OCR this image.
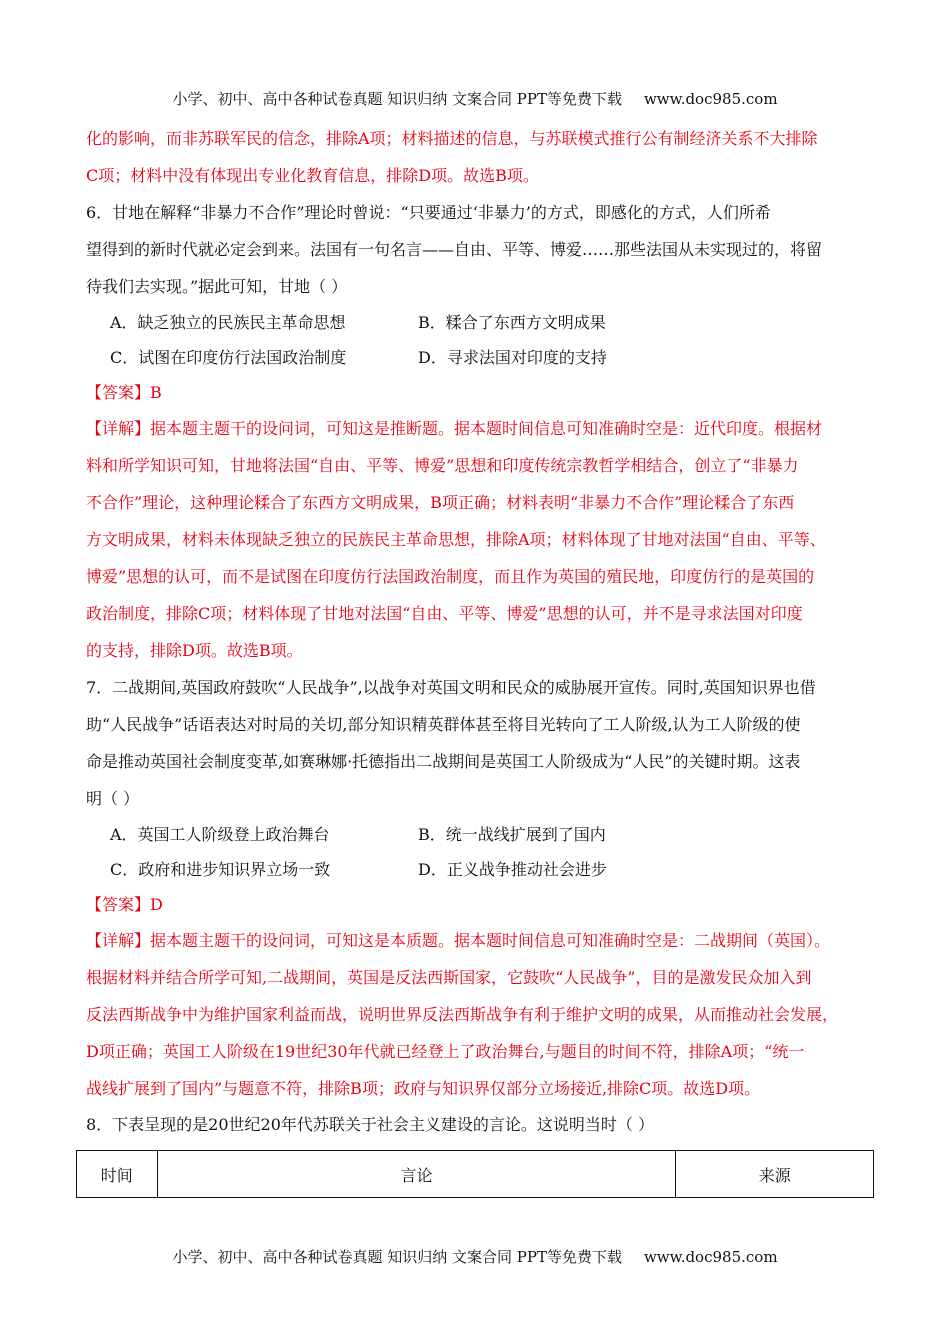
小学、初中、高中各种试卷真题 知识归纳 文案合同 PPT等免费下载 www.doc985.com
化的影响，而非苏联军民的信念，排除A项；材料描述的信息，与苏联模式推行公有制经济关系不大排除
C项；材料中没有体现出专业化教育信息，排除D项。故选B项。
6．甘地在解释“非暴力不合作”理论时曾说：“只要通过‘非暴力’的方式，即感化的方式，人们所希
望得到的新时代就必定会到来。法国有一句名言——自由、平等、博爱……那些法国从未实现过的，将留
待我们去实现。”据此可知，甘地（ ）
A．缺乏独立的民族民主革命思想	B．糅合了东西方文明成果
C．试图在印度仿行法国政治制度	D．寻求法国对印度的支持
【答案】B
【详解】据本题主题干的设问词，可知这是推断题。据本题时间信息可知准确时空是：近代印度。根据材
料和所学知识可知，甘地将法国“自由、平等、博爱”思想和印度传统宗教哲学相结合，创立了“非暴力
不合作”理论，这种理论糅合了东西方文明成果，B项正确；材料表明“非暴力不合作”理论糅合了东西
方文明成果，材料未体现缺乏独立的民族民主革命思想，排除A项；材料体现了甘地对法国“自由、平等、
博爱”思想的认可，而不是试图在印度仿行法国政治制度，而且作为英国的殖民地，印度仿行的是英国的
政治制度，排除C项；材料体现了甘地对法国“自由、平等、博爱”思想的认可，并不是寻求法国对印度
的支持，排除D项。故选B项。
7．二战期间,英国政府鼓吹“人民战争”,以战争对英国文明和民众的威胁展开宣传。同时,英国知识界也借
助“人民战争”话语表达对时局的关切,部分知识精英群体甚至将目光转向了工人阶级,认为工人阶级的使
命是推动英国社会制度变革,如赛琳娜·托德指出二战期间是英国工人阶级成为“人民”的关键时期。这表
明（ ）
A．英国工人阶级登上政治舞台	B．统一战线扩展到了国内
C．政府和进步知识界立场一致	D．正义战争推动社会进步
【答案】D
【详解】据本题主题干的设问词，可知这是本质题。据本题时间信息可知准确时空是：二战期间（英国）。
根据材料并结合所学可知,二战期间，英国是反法西斯国家，它鼓吹“人民战争”，目的是激发民众加入到
反法西斯战争中为维护国家利益而战，说明世界反法西斯战争有利于维护文明的成果，从而推动社会发展，
D项正确；英国工人阶级在19世纪30年代就已经登上了政治舞台,与题目的时间不符，排除A项；“统一
战线扩展到了国内”与题意不符，排除B项；政府与知识界仅部分立场接近,排除C项。故选D项。
8．下表呈现的是20世纪20年代苏联关于社会主义建设的言论。这说明当时（ ）
时间	言论	来源
小学、初中、高中各种试卷真题 知识归纳 文案合同 PPT等免费下载 www.doc985.com
